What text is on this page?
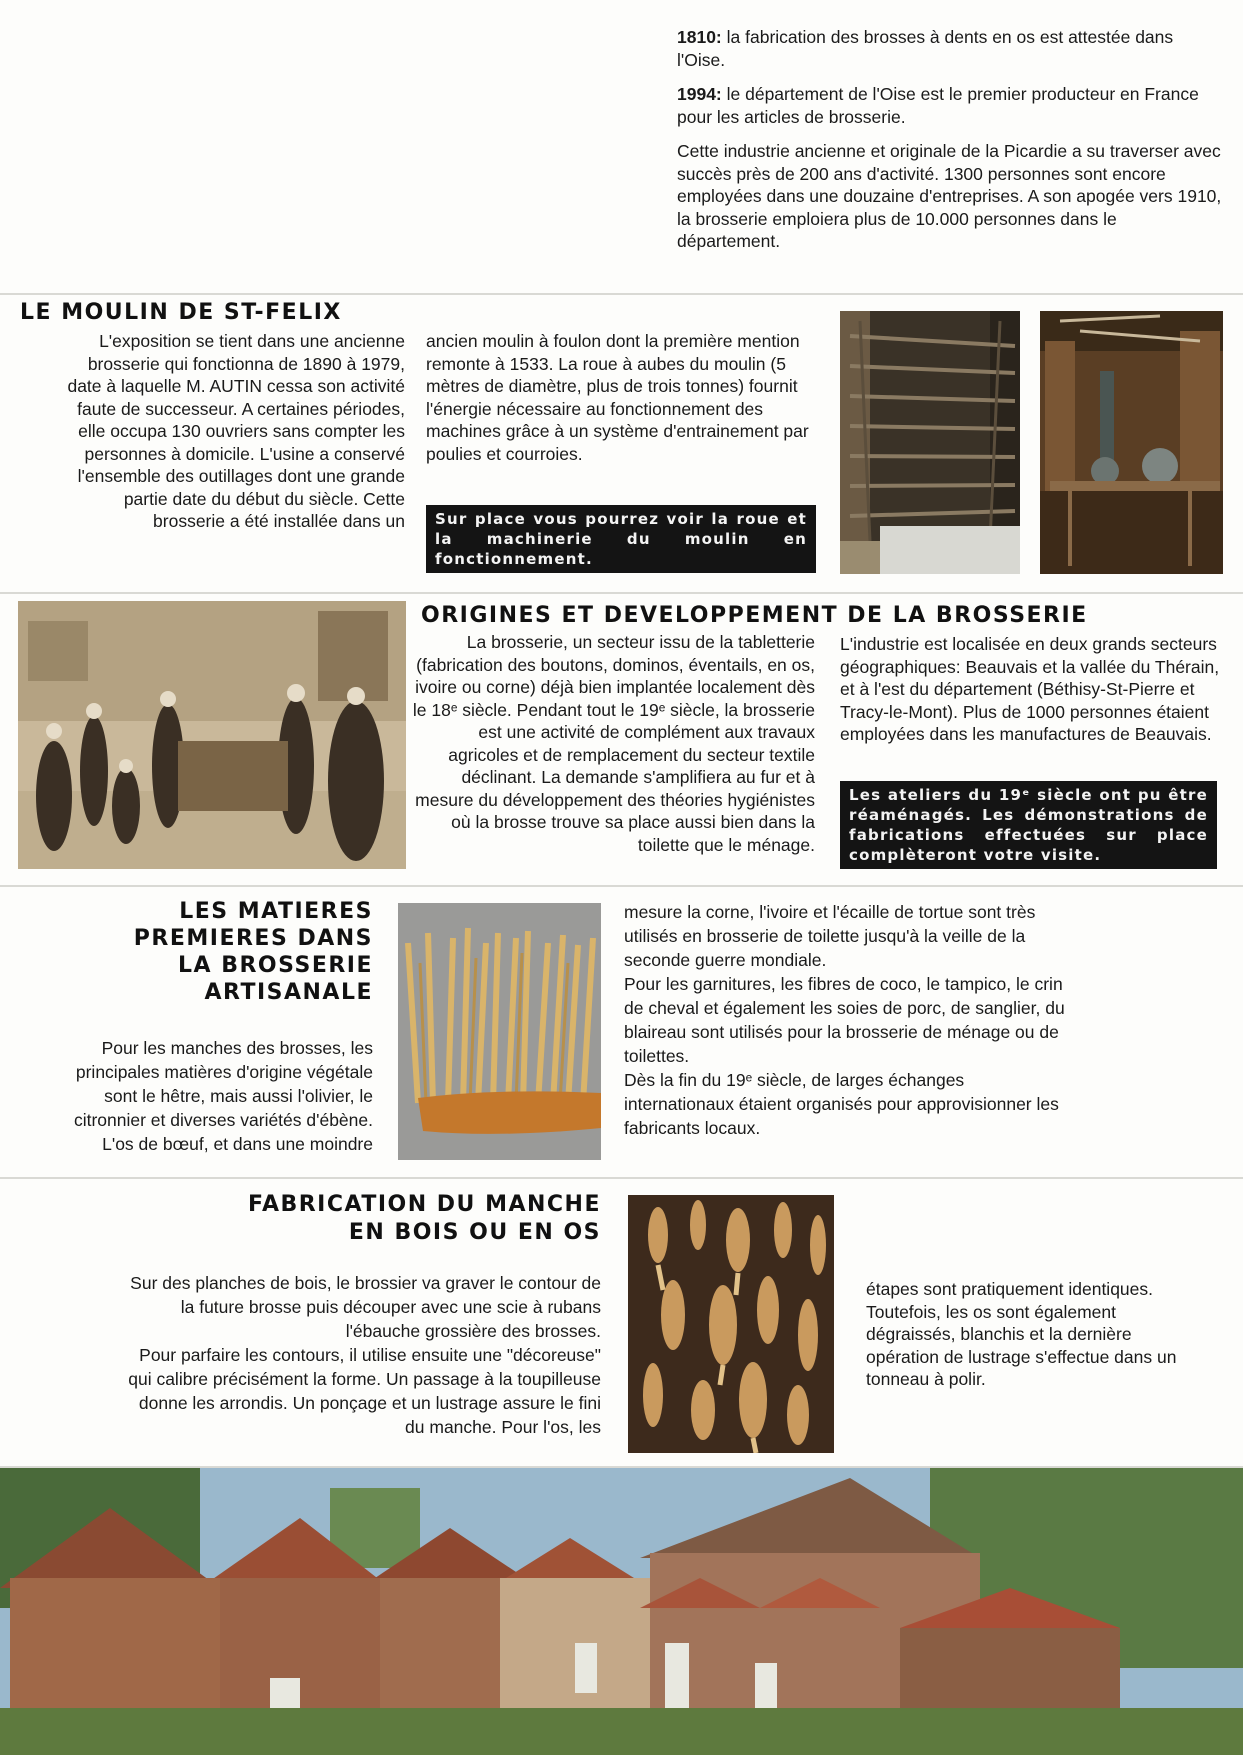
1810: la fabrication des brosses à dents en os est attestée dans l'Oise.

1994: le département de l'Oise est le premier producteur en France pour les articles de brosserie.

Cette industrie ancienne et originale de la Picardie a su traverser avec succès près de 200 ans d'activité. 1300 personnes sont encore employées dans une douzaine d'entreprises. A son apogée vers 1910, la brosserie emploiera plus de 10.000 personnes dans le département.

LE MOULIN DE ST-FELIX

L'exposition se tient dans une ancienne brosserie qui fonctionna de 1890 à 1979, date à laquelle M. AUTIN cessa son activité faute de successeur. A certaines périodes, elle occupa 130 ouvriers sans compter les personnes à domicile. L'usine a conservé l'ensemble des outillages dont une grande partie date du début du siècle. Cette brosserie a été installée dans un

ancien moulin à foulon dont la première mention remonte à 1533. La roue à aubes du moulin (5 mètres de diamètre, plus de trois tonnes) fournit l'énergie nécessaire au fonctionnement des machines grâce à un système d'entrainement par poulies et courroies.

Sur place vous pourrez voir la roue et la machinerie du moulin en fonctionnement.
ORIGINES ET DEVELOPPEMENT DE LA BROSSERIE

La brosserie, un secteur issu de la tabletterie (fabrication des boutons, dominos, éventails, en os, ivoire ou corne) déjà bien implantée localement dès le 18ᵉ siècle. Pendant tout le 19ᵉ siècle, la brosserie est une activité de complément aux travaux agricoles et de remplacement du secteur textile déclinant. La demande s'amplifiera au fur et à mesure du développement des théories hygiénistes où la brosse trouve sa place aussi bien dans la toilette que le ménage.

L'industrie est localisée en deux grands secteurs géographiques: Beauvais et la vallée du Thérain, et à l'est du département (Béthisy-St-Pierre et Tracy-le-Mont). Plus de 1000 personnes étaient employées dans les manufactures de Beauvais.

Les ateliers du 19ᵉ siècle ont pu être réaménagés. Les démonstrations de fabrications effectuées sur place complèteront votre visite.
LES MATIERES
PREMIERES DANS
LA BROSSERIE
ARTISANALE

Pour les manches des brosses, les principales matières d'origine végétale sont le hêtre, mais aussi l'olivier, le citronnier et diverses variétés d'ébène. L'os de bœuf, et dans une moindre

mesure la corne, l'ivoire et l'écaille de tortue sont très utilisés en brosserie de toilette jusqu'à la veille de la seconde guerre mondiale.

Pour les garnitures, les fibres de coco, le tampico, le crin de cheval et également les soies de porc, de sanglier, du blaireau sont utilisés pour la brosserie de ménage ou de toilettes.

Dès la fin du 19ᵉ siècle, de larges échanges internationaux étaient organisés pour approvisionner les fabricants locaux.

FABRICATION DU MANCHE
EN BOIS OU EN OS

Sur des planches de bois, le brossier va graver le contour de la future brosse puis découper avec une scie à rubans l'ébauche grossière des brosses.

Pour parfaire les contours, il utilise ensuite une "décoreuse" qui calibre précisément la forme. Un passage à la toupilleuse donne les arrondis. Un ponçage et un lustrage assure le fini du manche. Pour l'os, les

étapes sont pratiquement identiques. Toutefois, les os sont également dégraissés, blanchis et la dernière opération de lustrage s'effectue dans un tonneau à polir.
